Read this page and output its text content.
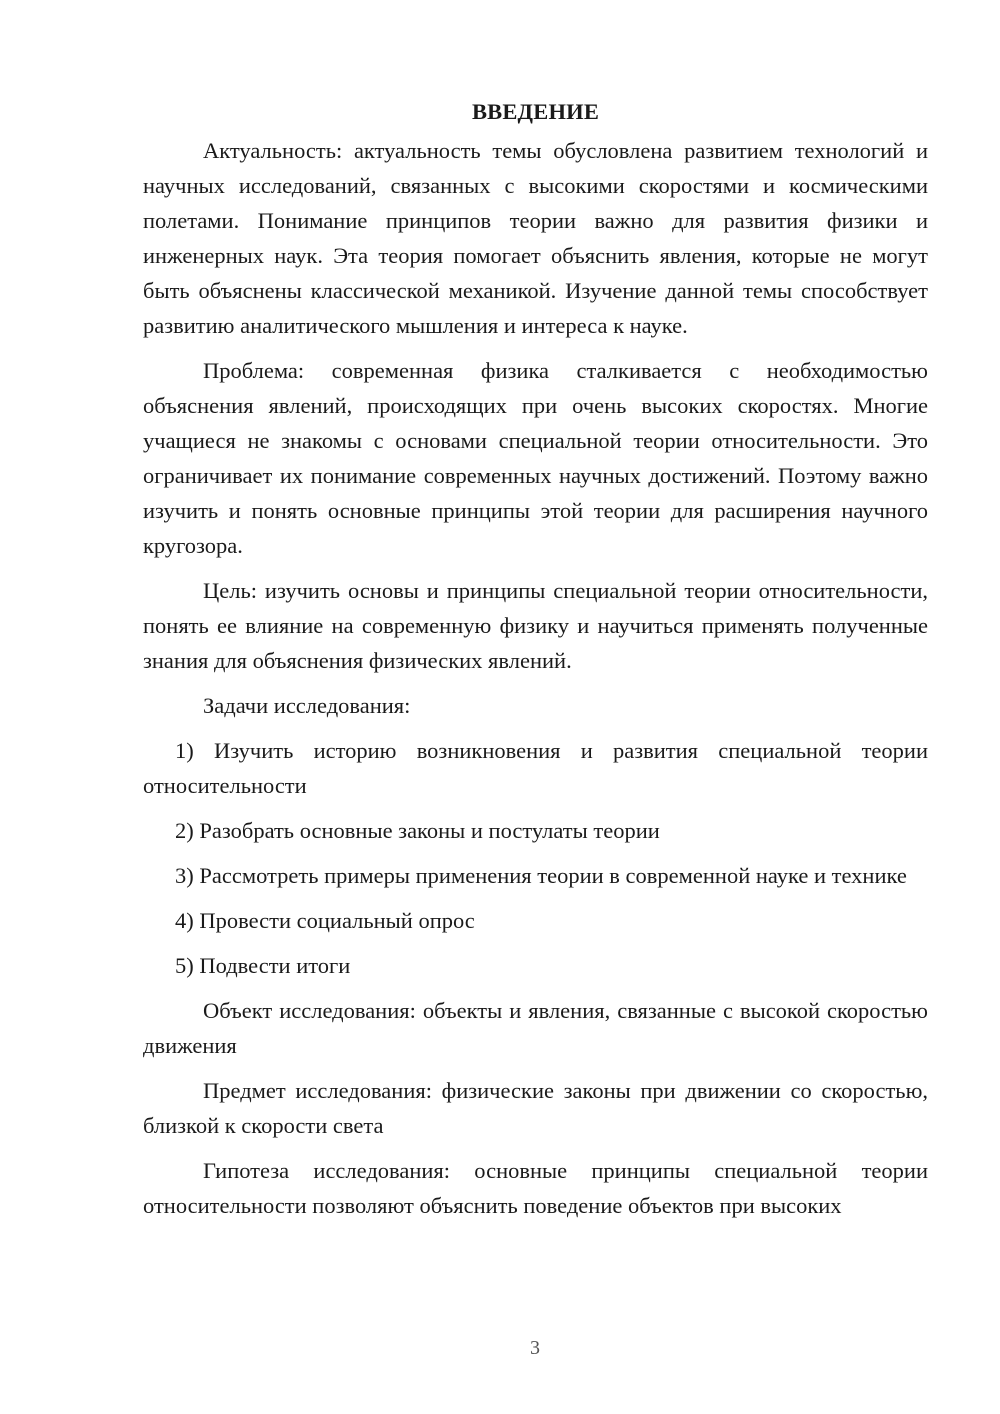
ВВЕДЕНИЕ

Актуальность: актуальность темы обусловлена развитием технологий и научных исследований, связанных с высокими скоростями и космическими полетами. Понимание принципов теории важно для развития физики и инженерных наук. Эта теория помогает объяснить явления, которые не могут быть объяснены классической механикой. Изучение данной темы способствует развитию аналитического мышления и интереса к науке.

Проблема: современная физика сталкивается с необходимостью объяснения явлений, происходящих при очень высоких скоростях. Многие учащиеся не знакомы с основами специальной теории относительности. Это ограничивает их понимание современных научных достижений. Поэтому важно изучить и понять основные принципы этой теории для расширения научного кругозора.

Цель: изучить основы и принципы специальной теории относительности, понять ее влияние на современную физику и научиться применять полученные знания для объяснения физических явлений.

Задачи исследования:

1) Изучить историю возникновения и развития специальной теории относительности

2) Разобрать основные законы и постулаты теории

3) Рассмотреть примеры применения теории в современной науке и технике

4) Провести социальный опрос

5) Подвести итоги

Объект исследования: объекты и явления, связанные с высокой скоростью движения

Предмет исследования: физические законы при движении со скоростью, близкой к скорости света

Гипотеза исследования: основные принципы специальной теории относительности позволяют объяснить поведение объектов при высоких

3
